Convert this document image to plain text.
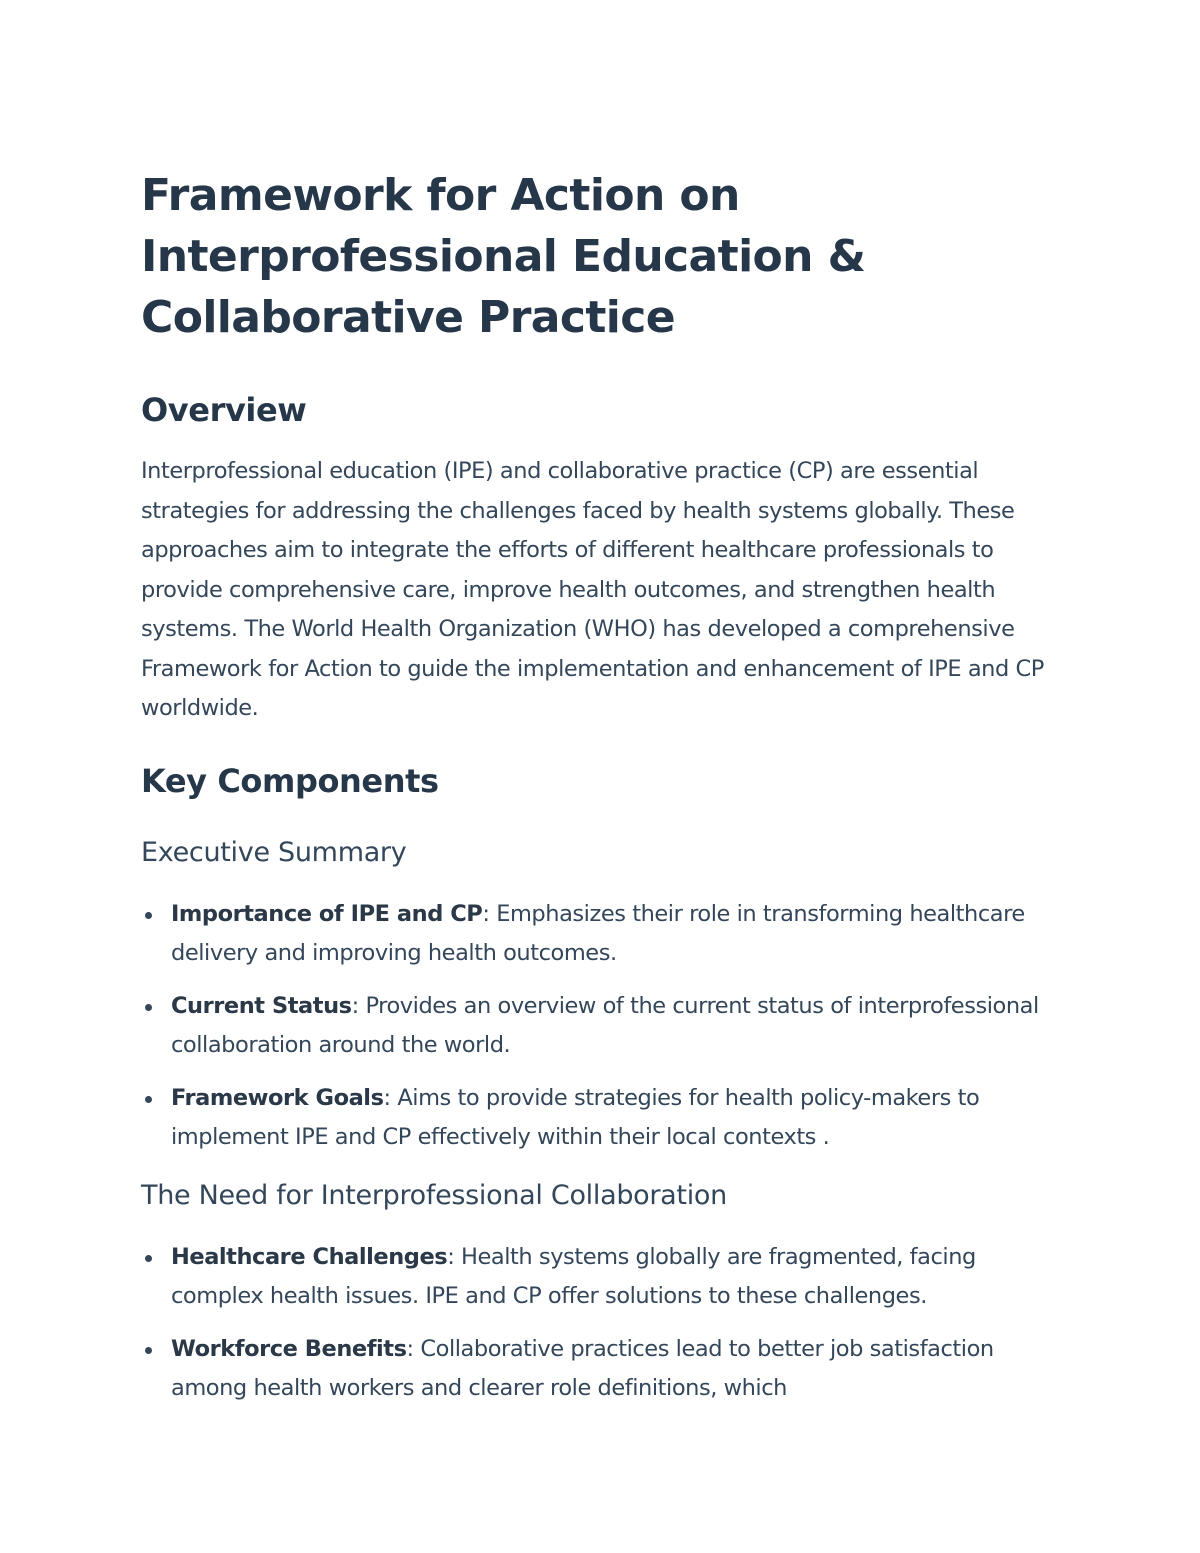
Framework for Action on Interprofessional Education & Collaborative Practice
Overview

Interprofessional education (IPE) and collaborative practice (CP) are essential strategies for addressing the challenges faced by health systems globally. These approaches aim to integrate the efforts of different healthcare professionals to provide comprehensive care, improve health outcomes, and strengthen health systems. The World Health Organization (WHO) has developed a comprehensive Framework for Action to guide the implementation and enhancement of IPE and CP worldwide.

Key Components
Executive Summary
Importance of IPE and CP: Emphasizes their role in transforming healthcare delivery and improving health outcomes.
Current Status: Provides an overview of the current status of interprofessional collaboration around the world.
Framework Goals: Aims to provide strategies for health policy-makers to implement IPE and CP effectively within their local contexts .
The Need for Interprofessional Collaboration
Healthcare Challenges: Health systems globally are fragmented, facing complex health issues. IPE and CP offer solutions to these challenges.
Workforce Benefits: Collaborative practices lead to better job satisfaction among health workers and clearer role definitions, which
